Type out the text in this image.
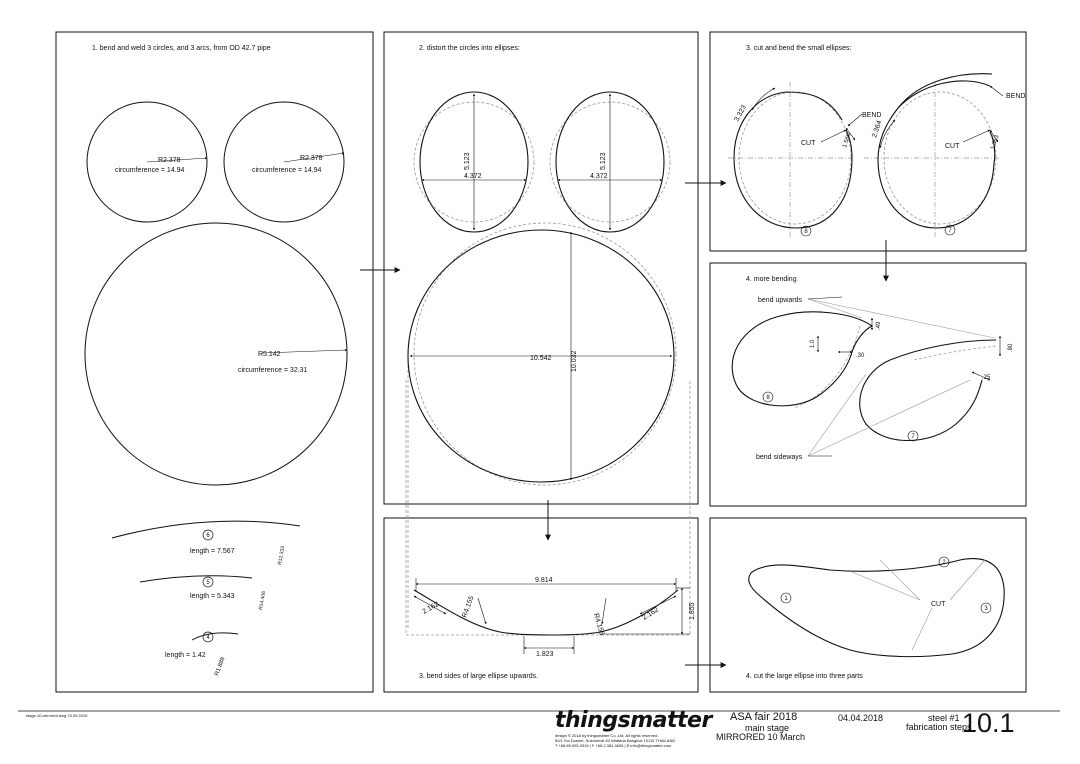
1. bend and weld 3 circles, and 3 arcs, from OD 42.7 pipe	2. distort the circles into ellipses:	3. cut and bend the small ellipses:
4. more bending
3. bend sides of large ellipse upwards.	4. cut the large ellipse into three parts
R2.378
circumference = 14.94
R2.378
circumference = 14.94
R5.142
circumference = 32.31
6
5
4
length = 7.567
length = 5.343
length = 1.42
R12.333
R14.406
R1.888
5.123
4.372
5.123
4.372
10.542	10.032
3.323
CUT	1.560
8
BEND
2.364
CUT	1.363
BEND
7
bend upwards
bend sideways
1.0
.30
.49
.80
.25
8
7
9.814
2.162	2.162
R4.155
R4.155
1.823
1.855	CUT
1
2
3
stage-10-mirrored.dwg 15.09.2019	thingsmatter
design © 2018 by thingsmatter Co.,Ltd. All rights reserved.
50/1 Soi Dusnet, Sukhumvit 63 Wattana Bangkok 10110 THAILAND
T +66.89.925.2516 | F +66.2.381.4606 | E info@thingsmatter.com
ASA fair 2018
main stage
MIRRORED 10 March
04.04.2018	steel #1
fabrication steps
10.1
